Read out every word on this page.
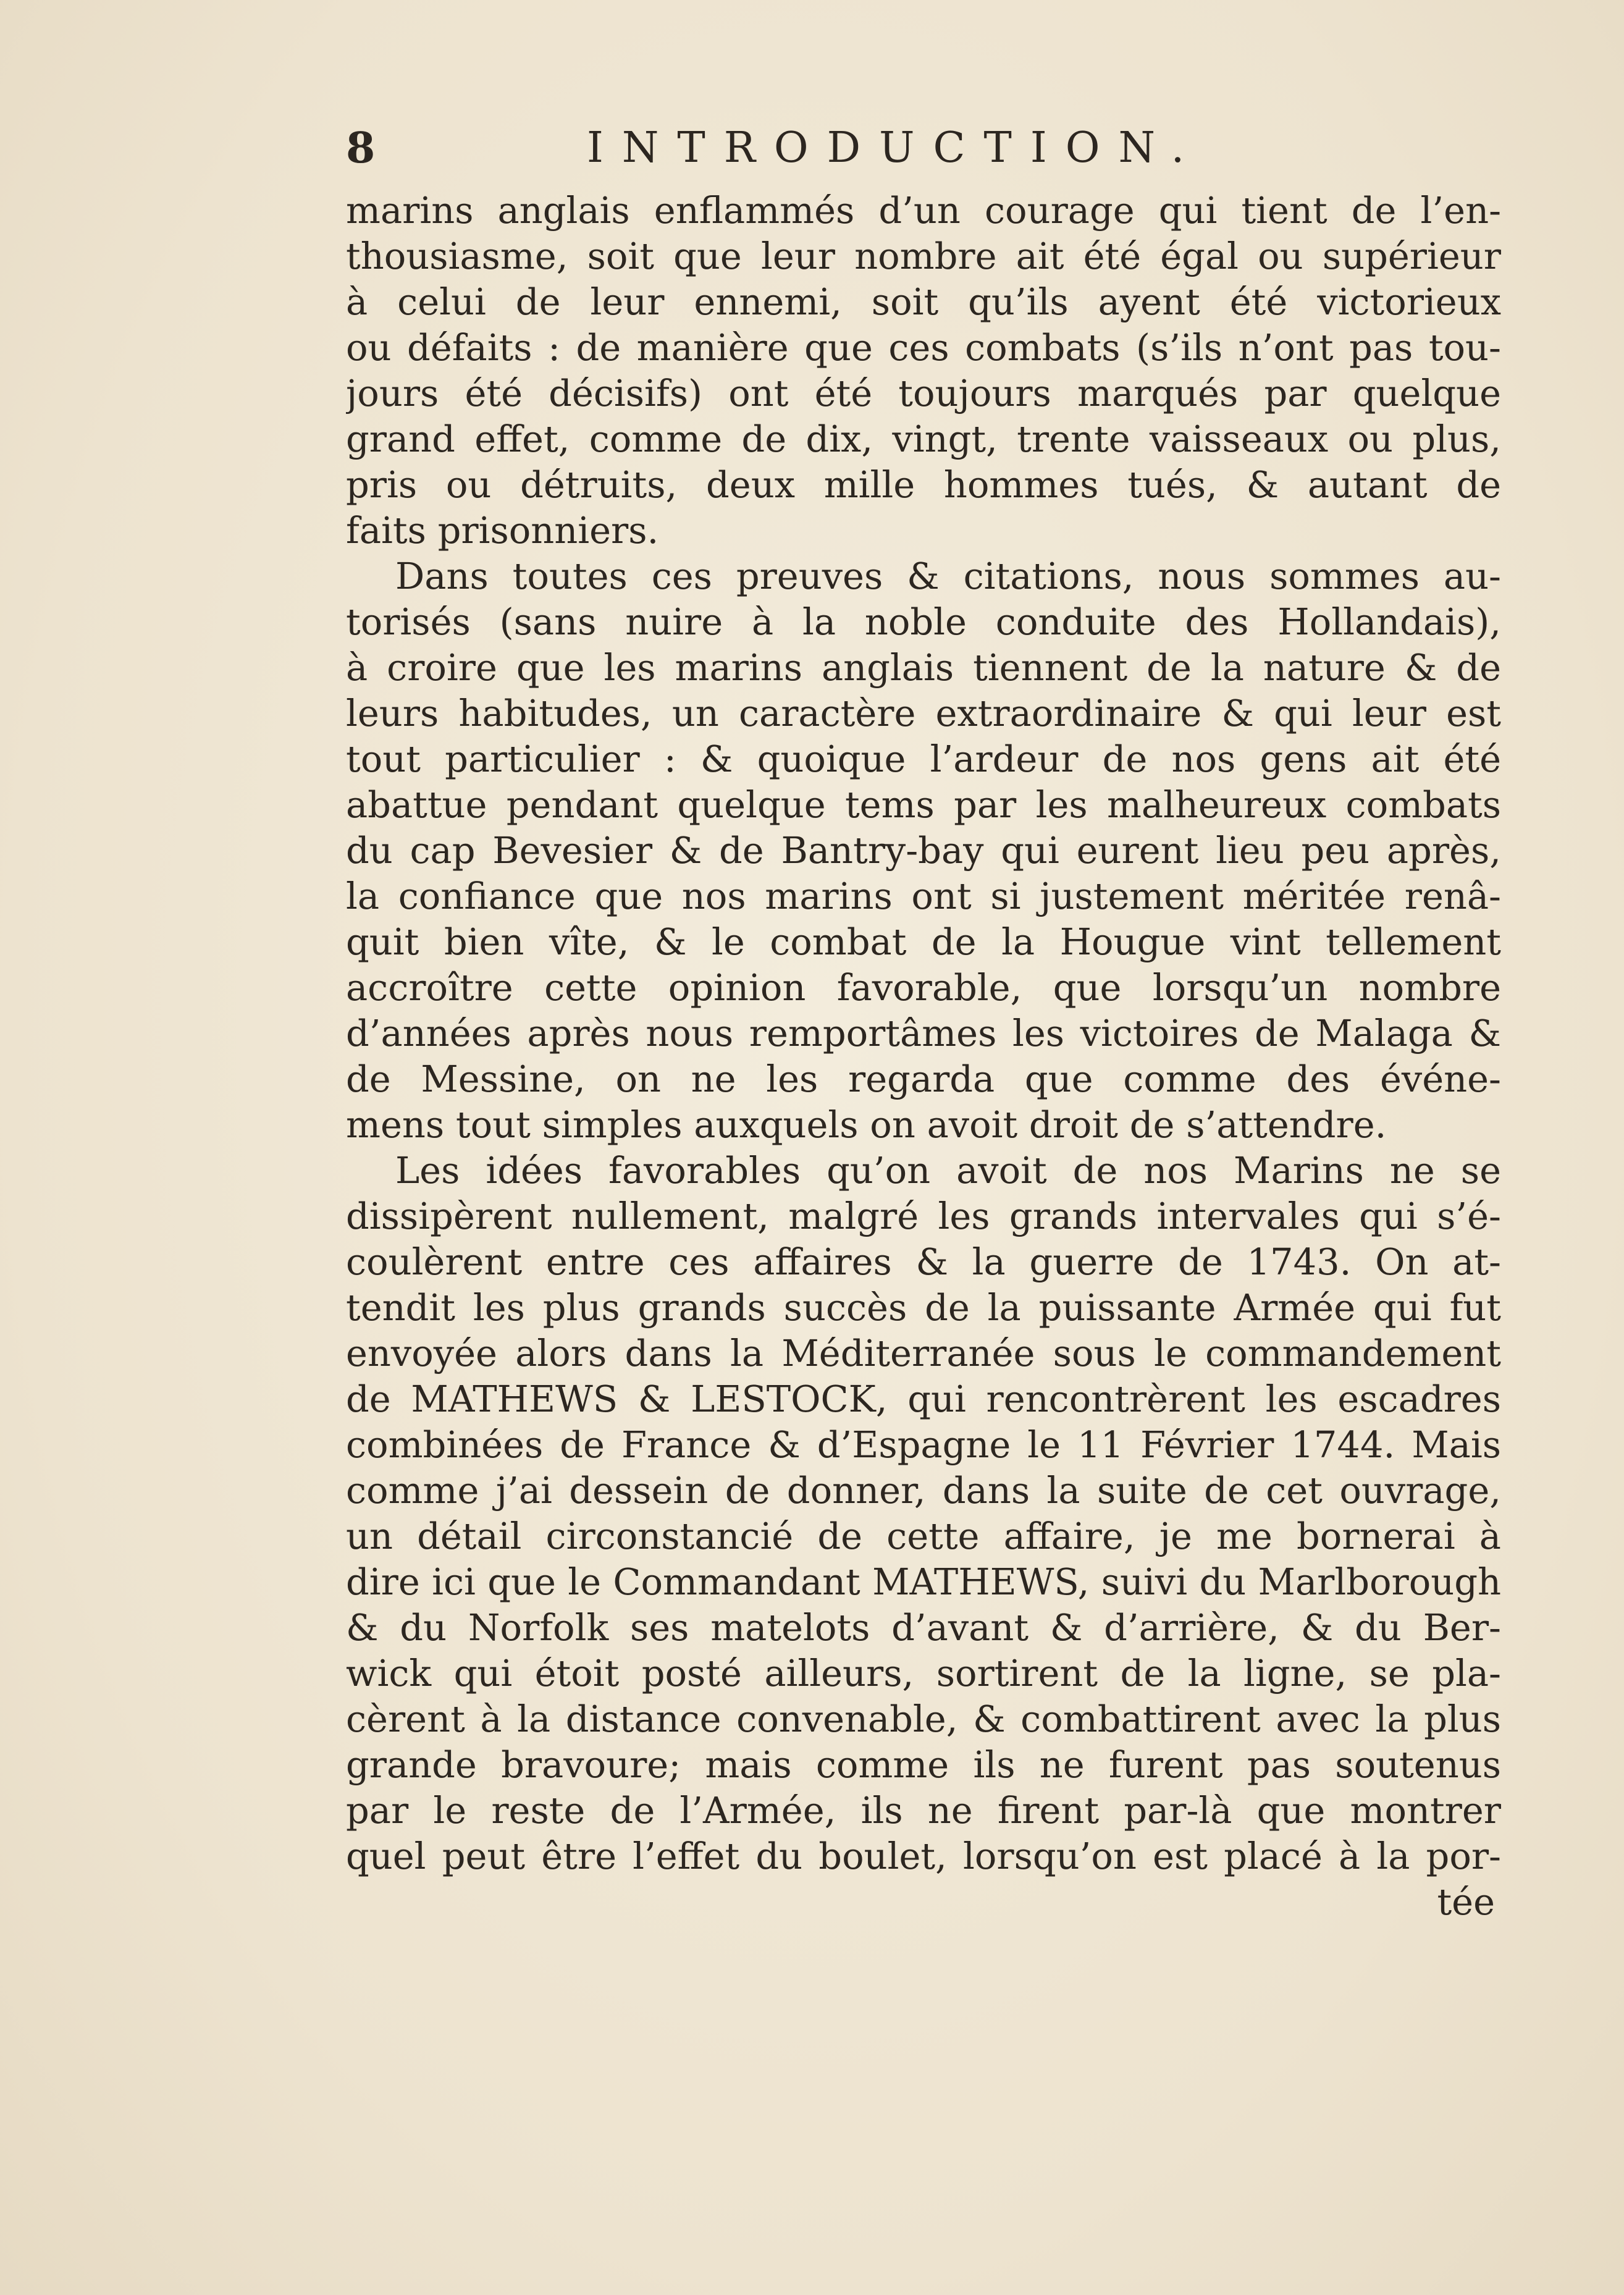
8	INTRODUCTION.
marins anglais enflammés d’un courage qui tient de l’en-
thousiasme, soit que leur nombre ait été égal ou supérieur
à celui de leur ennemi, soit qu’ils ayent été victorieux
ou défaits : de manière que ces combats (s’ils n’ont pas tou-
jours été décisifs) ont été toujours marqués par quelque
grand effet, comme de dix, vingt, trente vaisseaux ou plus,
pris ou détruits, deux mille hommes tués, & autant de
faits prisonniers.
Dans toutes ces preuves & citations, nous sommes au-
torisés (sans nuire à la noble conduite des Hollandais),
à croire que les marins anglais tiennent de la nature & de
leurs habitudes, un caractère extraordinaire & qui leur est
tout particulier : & quoique l’ardeur de nos gens ait été
abattue pendant quelque tems par les malheureux combats
du cap Bevesier & de Bantry-bay qui eurent lieu peu après,
la confiance que nos marins ont si justement méritée renâ-
quit bien vîte, & le combat de la Hougue vint tellement
accroître cette opinion favorable, que lorsqu’un nombre
d’années après nous remportâmes les victoires de Malaga &
de Messine, on ne les regarda que comme des événe-
mens tout simples auxquels on avoit droit de s’attendre.
Les idées favorables qu’on avoit de nos Marins ne se
dissipèrent nullement, malgré les grands intervales qui s’é-
coulèrent entre ces affaires & la guerre de 1743. On at-
tendit les plus grands succès de la puissante Armée qui fut
envoyée alors dans la Méditerranée sous le commandement
de MATHEWS & LESTOCK, qui rencontrèrent les escadres
combinées de France & d’Espagne le 11 Février 1744. Mais
comme j’ai dessein de donner, dans la suite de cet ouvrage,
un détail circonstancié de cette affaire, je me bornerai à
dire ici que le Commandant MATHEWS, suivi du Marlborough
& du Norfolk ses matelots d’avant & d’arrière, & du Ber-
wick qui étoit posté ailleurs, sortirent de la ligne, se pla-
cèrent à la distance convenable, & combattirent avec la plus
grande bravoure; mais comme ils ne furent pas soutenus
par le reste de l’Armée, ils ne firent par-là que montrer
quel peut être l’effet du boulet, lorsqu’on est placé à la por-
tée
